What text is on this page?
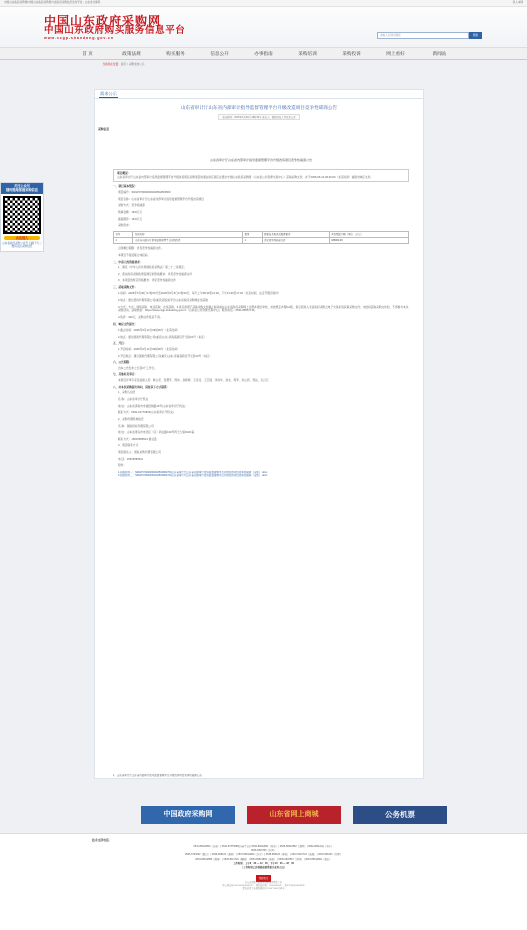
中国山东政府采购网|中国山东政府采购网与省政府采购信息发布平台 - 山东省计算机	进入本网
中国山东政府采购网
中国山东政府购买服务信息平台
www.ccgp-shandong.gov.cn
请输入关键词搜索	搜索
首 页	政策法规	购买服务	信息公开	办事指南	采购培训	采购投诉	网上看好	新闻站
当前所在位置: 首页 > 采购需求公示
需求公示
山东省审计厅山东省内部审计指导监督管理平台升级改造项目竞争性磋商公告
发布时间：2025年5月30日 18时49分 发布人：国防科技大学信息公开
采购信息
山东省审计厅山东省内部审计指导监督管理平台升级改造项目竞争性磋商公告
项目概况：
山东省审计厅山东省内部审计指导监督管理平台升级改造项目采购项目的潜在供应商应在通过中国山东政府采购网（山东省公共资源交易中心）获取采购文件，并于2025-06-13 09:30:00（北京时间）前提交响应文件。
一、项目基本情况：
项目编号：SDGP370000000202502803500
项目名称：山东省审计厅山东省内部审计指导监督管理平台升级改造项目
采购方式：竞争性磋商
预算金额：18.8万元
最高限价：18.8万元
采购需求：
包号	包的名称	数量	简要技术需求或服务要求	单包预算金额（单位：元/元）
1	山东省内部审计指导监督管理平台升级改造	1	详见竞争性磋商文件	188000.00
合同履行期限：详见竞争性磋商文件。
本项目不接受联合体投标。
二、申请人的资格要求：
1、满足《中华人民共和国政府采购法》第二十二条规定；
2、落实政府采购政策需满足的资格要求：详见竞争性磋商文件
3、本项目的特定资格要求：详见竞争性磋商文件
三、获取采购文件：
1.时间：2025年5月30日17时00分至2025年6月5日17时00分，每天上午08:30至12:30，下午13:30至17:30（北京时间，法定节假日除外）
2.地点：通过招标代理有限公司(重庆)招投标平台山东省政府采购网在线获取
3.方式：方式：现场获取、电话获取、在线获取，3.供应商须于获取采购文件截止时间前在山东省政府采购网上注册并通过审核，并按规定办理CA锁，供应商进入全省政府采购云电子交易系统获取采购文件；未按时获取采购文件的，不得参与本次采购活动。获取地址：https://www.ccgp-shandong.gov.cn（山东省公共资源交易中心)，联系电话：0531-86557710。
4.售价：300元，采购文件售后不退。
四、响应文件提交：
1.截止时间：2025年6月13日09时30分（北京时间）
2.地点：通过国政代理有限公司(重庆)山东-济南高新区开元街10号（东区）
五、开启：
1.开启时间：2025年6月13日09时30分（北京时间）
2.开启地点：通过国政代理有限公司(重庆)山东-济南高新区开元街10号（东区）
六、公告期限：
自本公告发布之日起3个工作日。
七、其他补充事宜：
本项目评审专家及监督人员：韩立宏、张慧芳、周伟、孙婷婷、王丹丹、王卫国、李伟华、孙杰、周军、孙立莉、郑法、毛汉元
八、对本次采购提出询问，请按以下方式联系：
1、采购人信息
名 称：山东省审计厅机关
地 址：山东省济南市市南经纬路16号(山东省审计厅机关)
联系方式：0531-51772833(山东省审计厅机关)
2、采购代理机构信息
名 称：国政招标代理有限公司
地 址：山东省青岛市市北区（区）新业路130号再王大厦2G01室
联系方式：15615595513 鲁总监
3、项目联系方式
项目联系人：国政采购代理有限公司
电 话：15615595511
附件：
1.招标附件一：SDGP370000000202502800700山东省审计厅山东省内部审计指导监督管理平台升级改造项目竞争性磋商（全版）.docx
2.招标附件二：SDGP370000000202502800700山东省审计厅山东省内部审计指导监督管理平台升级改造项目竞争性磋商（全版）.docx
1、山东省审计厅山东省内部审计指导监督管理平台升级改造项目竞争性磋商公告
关注公众号
随时随地掌握采购信息
点击进入
山东省政府采购公众号 扫描下方二维码关注采购信息
中国政府采购网	山东省网上商城	公务机票
技术支持电话：
0531-86612860（济南） | 0531-67575668(济南平台) | 0532-86612861（青岛） | 0533-86612862（淄博） | 0632-86612(1)（枣庄）
0546-8307250（东营）
0535-6703292（烟台） | 0536-968123（潍坊） | 0537-86612860（济宁） | 0538-968123（泰安） | 0631-5221722（威海） | 0633-968123（日照）
0534-86612858（德州） | 0635-8111740（聊城） | 0543-86612860（滨州） | 0530-5622567（菏泽） | 0543-86612861（临沂）
工作时间：上午8：30 — 12：00；下午13：30 — 18：00
（工作时间之外请提前联系相关业务人员）
党政机关
山东省财政厅政府采购监督管理处主办
鲁公网安备37010202000002号 ｜ 网站标识码：3700000009 ｜ 鲁ICP备05045086号
建议使用主流浏览器访问 1920*1080分辨率
